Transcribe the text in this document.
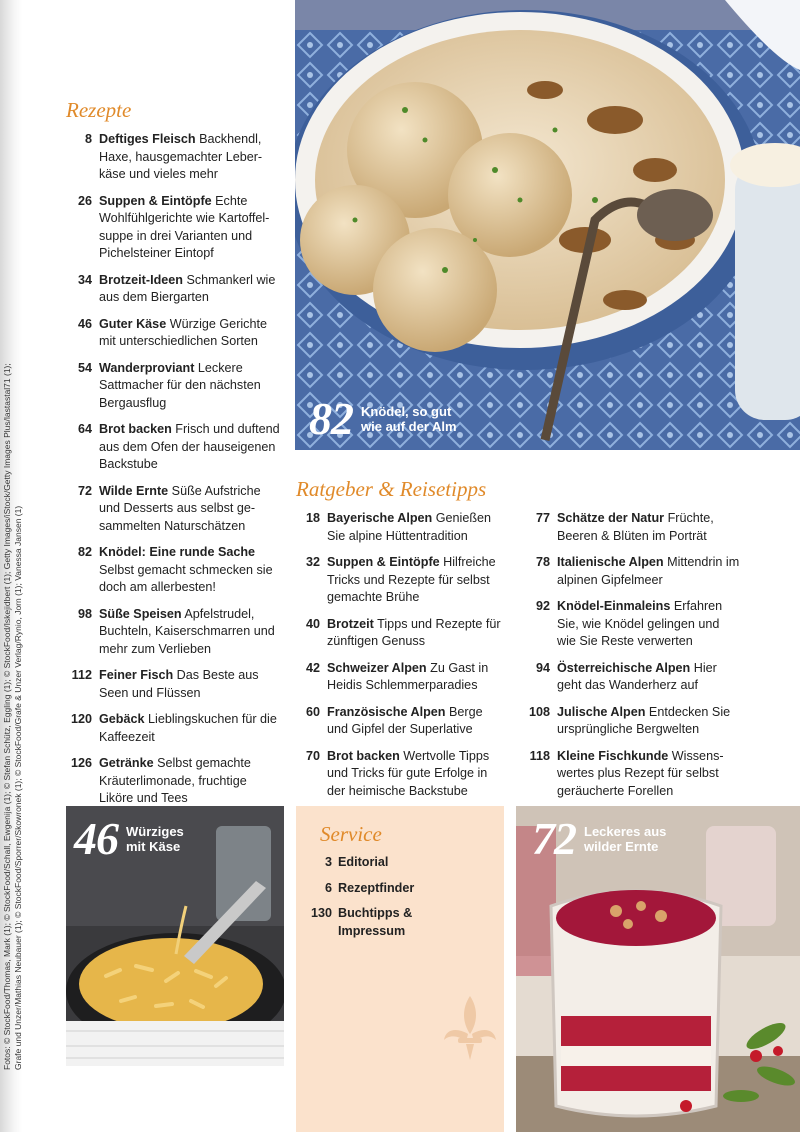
82 Knödel, so gut
wie auf der Alm
Rezepte
8 Deftiges Fleisch Backhendl, Haxe, hausgemachter Leberkäse und vieles mehr
26 Suppen & Eintöpfe Echte Wohlfühlgerichte wie Kartoffelsuppe in drei Varianten und Pichelsteiner Eintopf
34 Brotzeit-Ideen Schmankerl wie aus dem Biergarten
46 Guter Käse Würzige Gerichte mit unterschiedlichen Sorten
54 Wanderproviant Leckere Sattmacher für den nächsten Bergausflug
64 Brot backen Frisch und duftend aus dem Ofen der hauseigenen Backstube
72 Wilde Ernte Süße Aufstriche und Desserts aus selbst gesammelten Naturschätzen
82 Knödel: Eine runde Sache Selbst gemacht schmecken sie doch am allerbesten!
98 Süße Speisen Apfelstrudel, Buchteln, Kaiserschmarren und mehr zum Verlieben
112 Feiner Fisch Das Beste aus Seen und Flüssen
120 Gebäck Lieblingskuchen für die Kaffeezeit
126 Getränke Selbst gemachte Kräuterlimonade, fruchtige Liköre und Tees
Ratgeber & Reisetipps
18 Bayerische Alpen Genießen Sie alpine Hüttentradition
32 Suppen & Eintöpfe Hilfreiche Tricks und Rezepte für selbst gemachte Brühe
40 Brotzeit Tipps und Rezepte für zünftigen Genuss
42 Schweizer Alpen Zu Gast in Heidis Schlemmerparadies
60 Französische Alpen Berge und Gipfel der Superlative
70 Brot backen Wertvolle Tipps und Tricks für gute Erfolge in der heimische Backstube
77 Schätze der Natur Früchte, Beeren & Blüten im Porträt
78 Italienische Alpen Mittendrin im alpinen Gipfelmeer
92 Knödel-Einmaleins Erfahren Sie, wie Knödel gelingen und wie Sie Reste verwerten
94 Österreichische Alpen Hier geht das Wanderherz auf
108 Julische Alpen Entdecken Sie ursprüngliche Bergwelten
118 Kleine Fischkunde Wissenswertes plus Rezept für selbst geräucherte Forellen
46 Würziges
mit Käse
Service
3 Editorial
6 Rezeptfinder
130 Buchtipps & Impressum
72 Leckeres aus
wilder Ernte
Fotos: © StockFood/Thomas, Mark (1); © StockFood/Schall, Ewgenija (1); © Stefan Schütz, Eggling (1); © StockFood/Iskejidbert (1); Getty Images/iStock/Getty Images Plus/lastastal71 (1); Grafe und Unzer/Mathias Neubauer (1); © StockFood/Sporrer/Skowronek (1); © StockFood/Grafe & Unzer Verlag/Rynio, Jorn (1); Vanessa Jansen (1)
